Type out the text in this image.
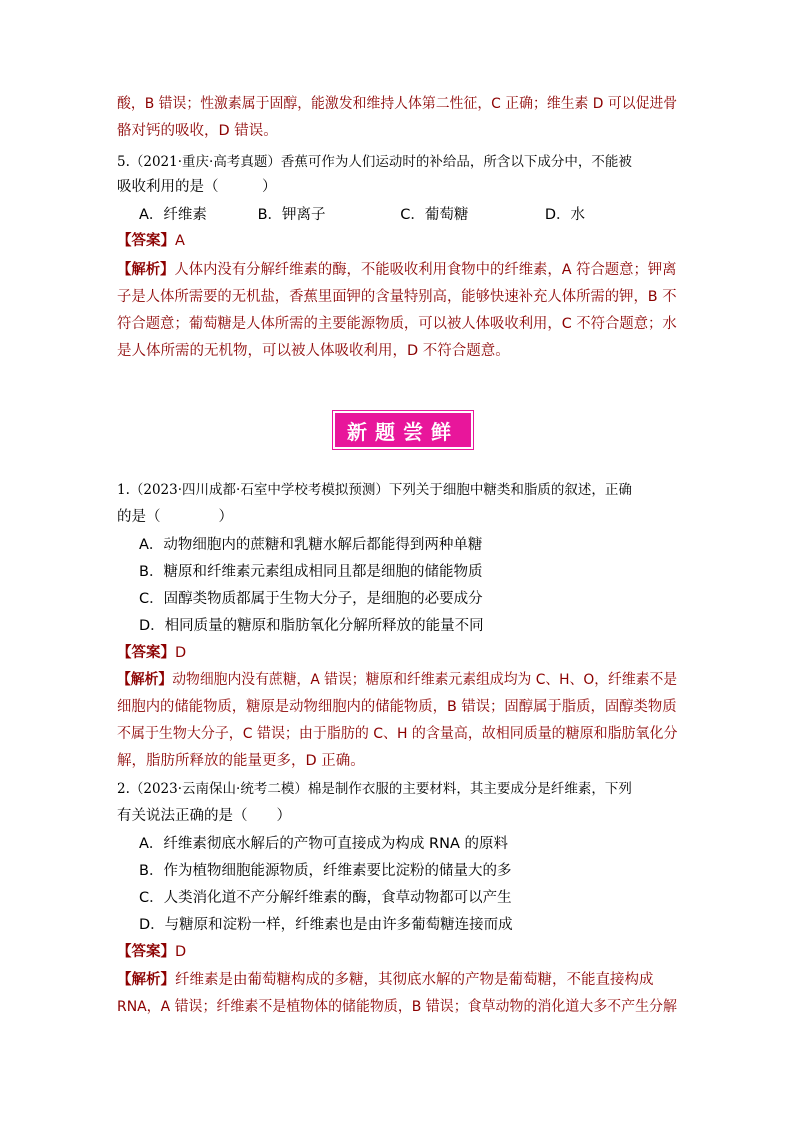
酸，B 错误；性激素属于固醇，能激发和维持人体第二性征，C 正确；维生素 D 可以促进骨
骼对钙的吸收，D 错误。
5.（2021·重庆·高考真题）香蕉可作为人们运动时的补给品，所含以下成分中，不能被
吸收利用的是（　　　）
A．纤维素	B．钾离子	C．葡萄糖	D．水
【答案】A
【解析】人体内没有分解纤维素的酶，不能吸收利用食物中的纤维素，A 符合题意；钾离
子是人体所需要的无机盐，香蕉里面钾的含量特别高，能够快速补充人体所需的钾，B 不
符合题意；葡萄糖是人体所需的主要能源物质，可以被人体吸收利用，C 不符合题意；水
是人体所需的无机物，可以被人体吸收利用，D 不符合题意。
新题尝鲜
1.（2023·四川成都·石室中学校考模拟预测）下列关于细胞中糖类和脂质的叙述，正确
的是（　　　　）
A．动物细胞内的蔗糖和乳糖水解后都能得到两种单糖
B．糖原和纤维素元素组成相同且都是细胞的储能物质
C．固醇类物质都属于生物大分子，是细胞的必要成分
D．相同质量的糖原和脂肪氧化分解所释放的能量不同
【答案】D
【解析】动物细胞内没有蔗糖，A 错误；糖原和纤维素元素组成均为 C、H、O，纤维素不是
细胞内的储能物质，糖原是动物细胞内的储能物质，B 错误；固醇属于脂质，固醇类物质
不属于生物大分子，C 错误；由于脂肪的 C、H 的含量高，故相同质量的糖原和脂肪氧化分
解，脂肪所释放的能量更多，D 正确。
2.（2023·云南保山·统考二模）棉是制作衣服的主要材料，其主要成分是纤维素，下列
有关说法正确的是（　　）
A．纤维素彻底水解后的产物可直接成为构成 RNA 的原料
B．作为植物细胞能源物质，纤维素要比淀粉的储量大的多
C．人类消化道不产分解纤维素的酶，食草动物都可以产生
D．与糖原和淀粉一样，纤维素也是由许多葡萄糖连接而成
【答案】D
【解析】纤维素是由葡萄糖构成的多糖，其彻底水解的产物是葡萄糖，不能直接构成
RNA，A 错误；纤维素不是植物体的储能物质，B 错误；食草动物的消化道大多不产生分解
